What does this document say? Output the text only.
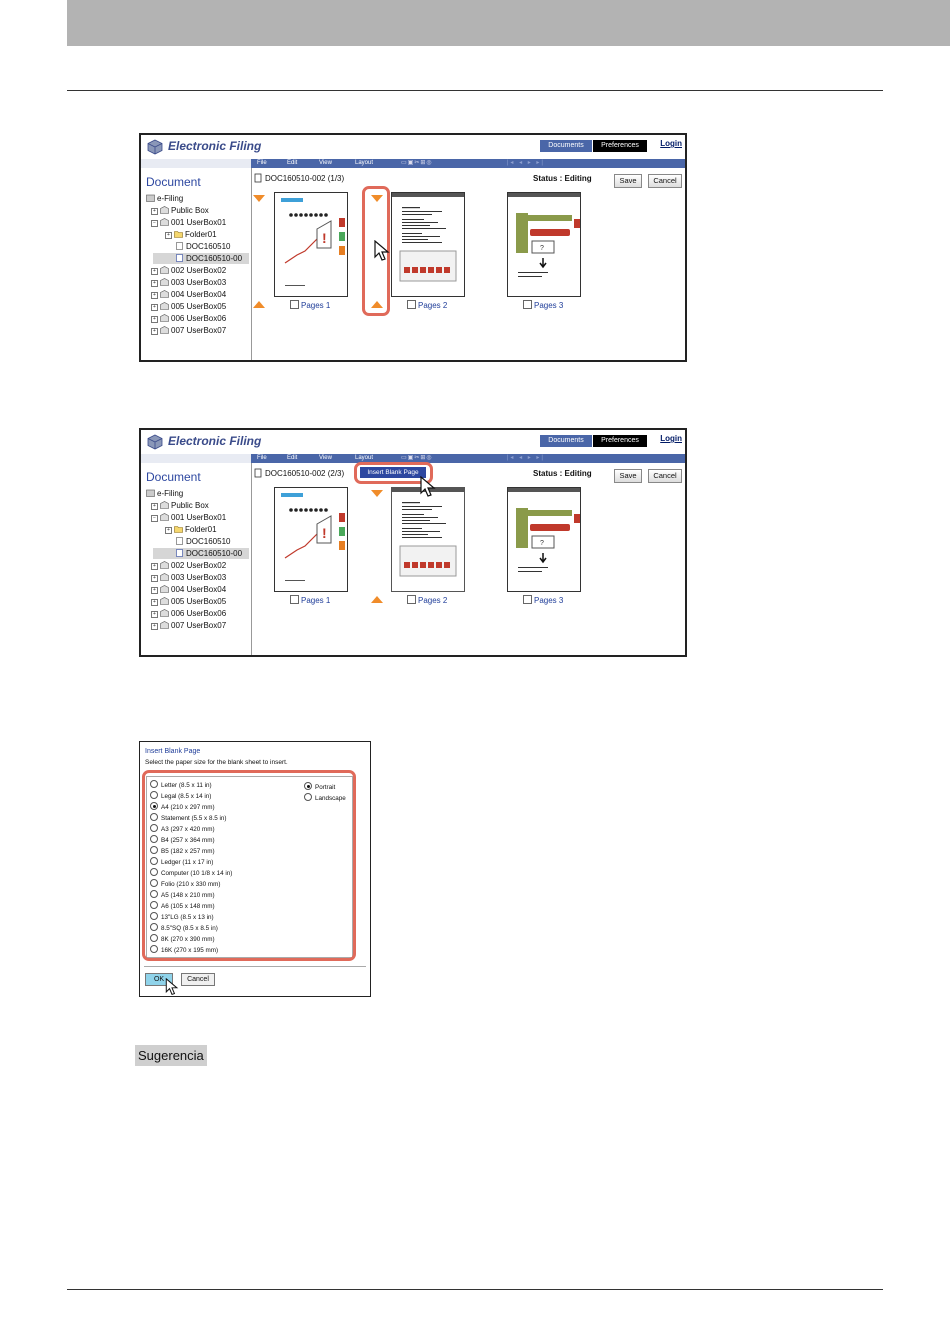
Electronic Filing	Documents	Preferences	Login
File	Edit	View	Layout	▭▣✂⊞◎	|◂ ◂ ▸ ▸|
Document
e-Filing
+ Public Box
− 001 UserBox01
+ Folder01
DOC160510
DOC160510-00
+ 002 UserBox02
+ 003 UserBox03
+ 004 UserBox04
+ 005 UserBox05
+ 006 UserBox06
+ 007 UserBox07
DOC160510-002 (1/3)	Status : Editing	Save	Cancel
!
?
Pages 1	Pages 2	Pages 3
Electronic Filing	Documents	Preferences	Login
File	Edit	View	Layout	▭▣✂⊞◎	|◂ ◂ ▸ ▸|
Document
e-Filing
+ Public Box
− 001 UserBox01
+ Folder01
DOC160510
DOC160510-00
+ 002 UserBox02
+ 003 UserBox03
+ 004 UserBox04
+ 005 UserBox05
+ 006 UserBox06
+ 007 UserBox07
DOC160510-002 (2/3)	Status : Editing	Save	Cancel
Insert Blank Page
!
?
Pages 1	Pages 2	Pages 3
Insert Blank Page
Select the paper size for the blank sheet to insert.
Letter (8.5 x 11 in)
Legal (8.5 x 14 in)
A4 (210 x 297 mm)
Statement (5.5 x 8.5 in)
A3 (297 x 420 mm)
B4 (257 x 364 mm)
B5 (182 x 257 mm)
Ledger (11 x 17 in)
Computer (10 1/8 x 14 in)
Folio (210 x 330 mm)
A5 (148 x 210 mm)
A6 (105 x 148 mm)
13"LG (8.5 x 13 in)
8.5"SQ (8.5 x 8.5 in)
8K (270 x 390 mm)
16K (270 x 195 mm)
Portrait
Landscape
OK	Cancel
Sugerencia
